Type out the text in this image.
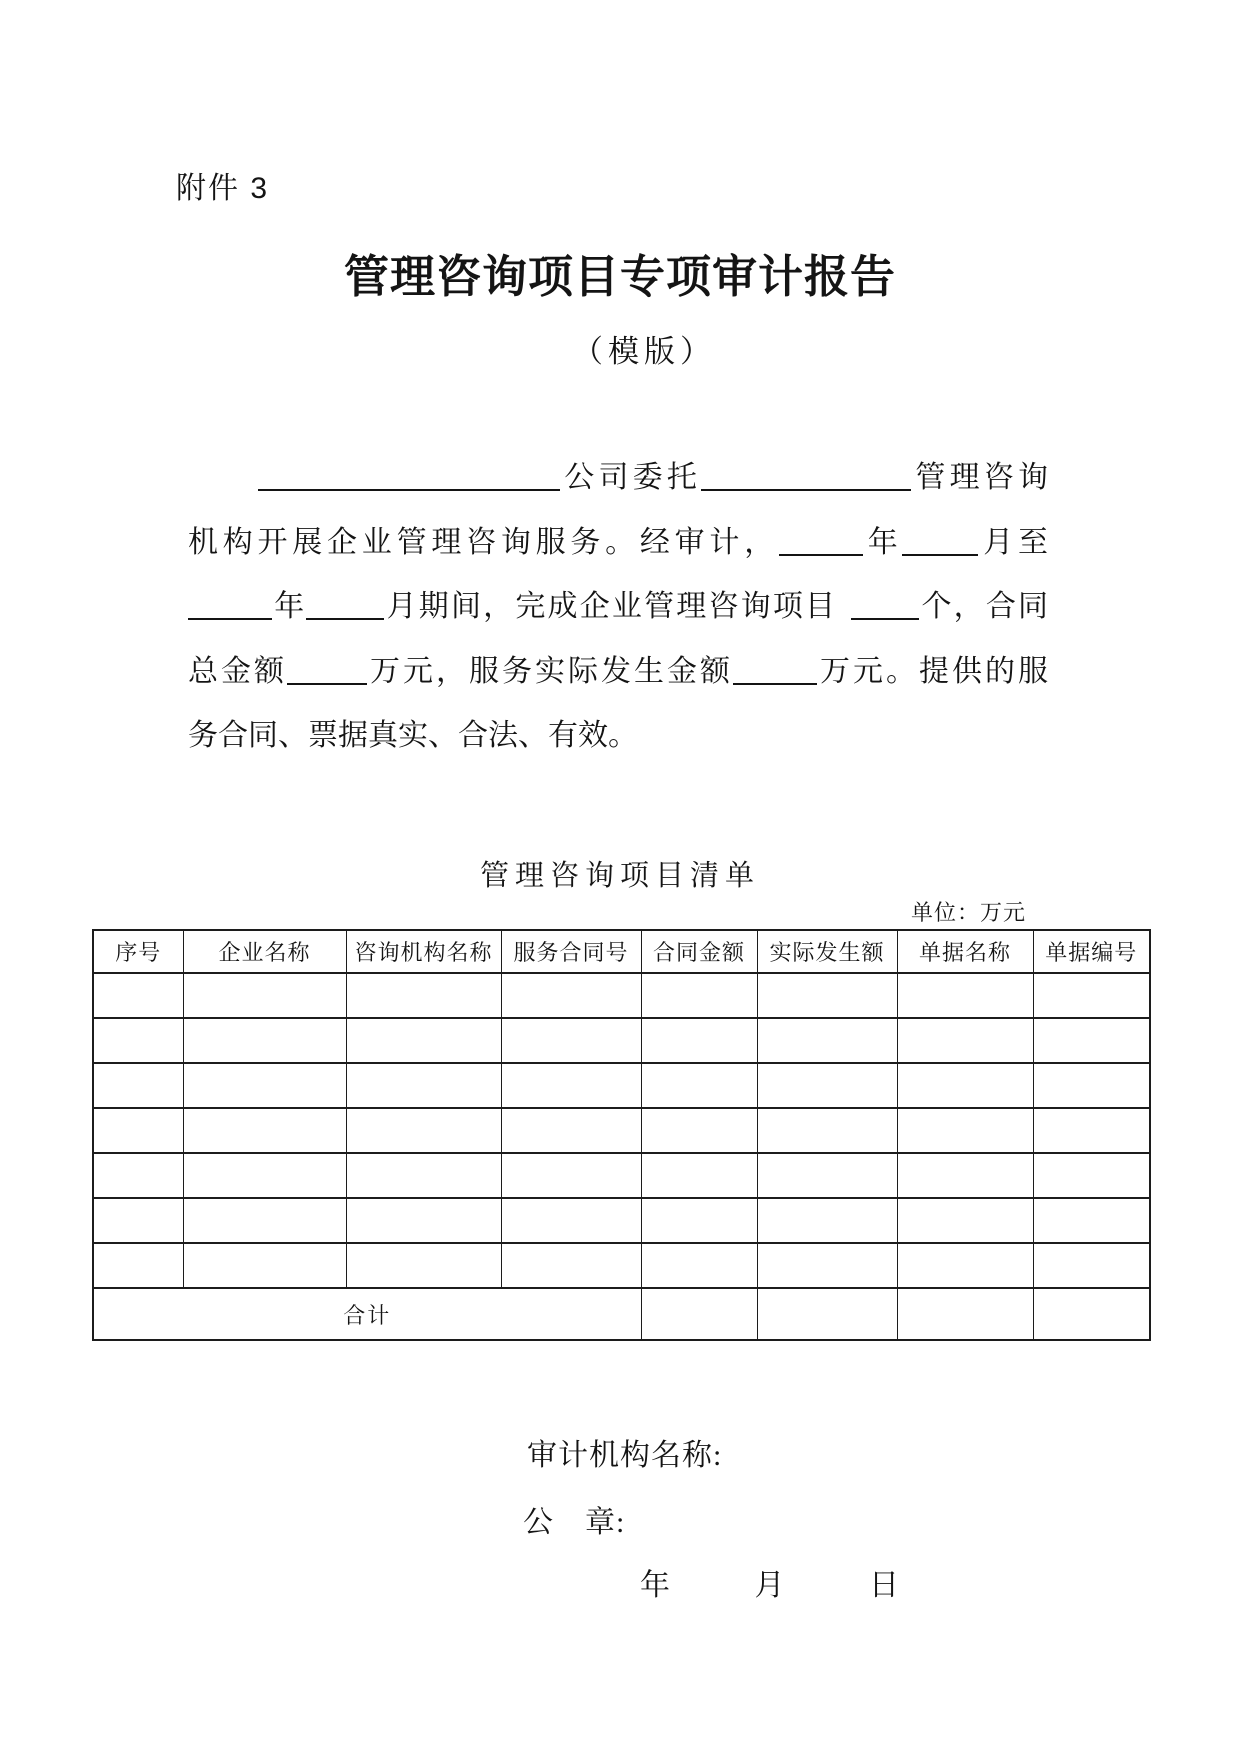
附件 3
管理咨询项目专项审计报告
（模版）
公司委托	管理咨询
机构开展企业管理咨询服务。经审计，	年	月至
年	月期间，完成企业管理咨询项目	个，合同
总金额	万元，服务实际发生金额	万元。提供的服
务合同、票据真实、合法、有效。
管理咨询项目清单
单位：万元
序号	企业名称	咨询机构名称	服务合同号	合同金额	实际发生额	单据名称	单据编号

合计							
审计机构名称:
公　章:
年	月	日
